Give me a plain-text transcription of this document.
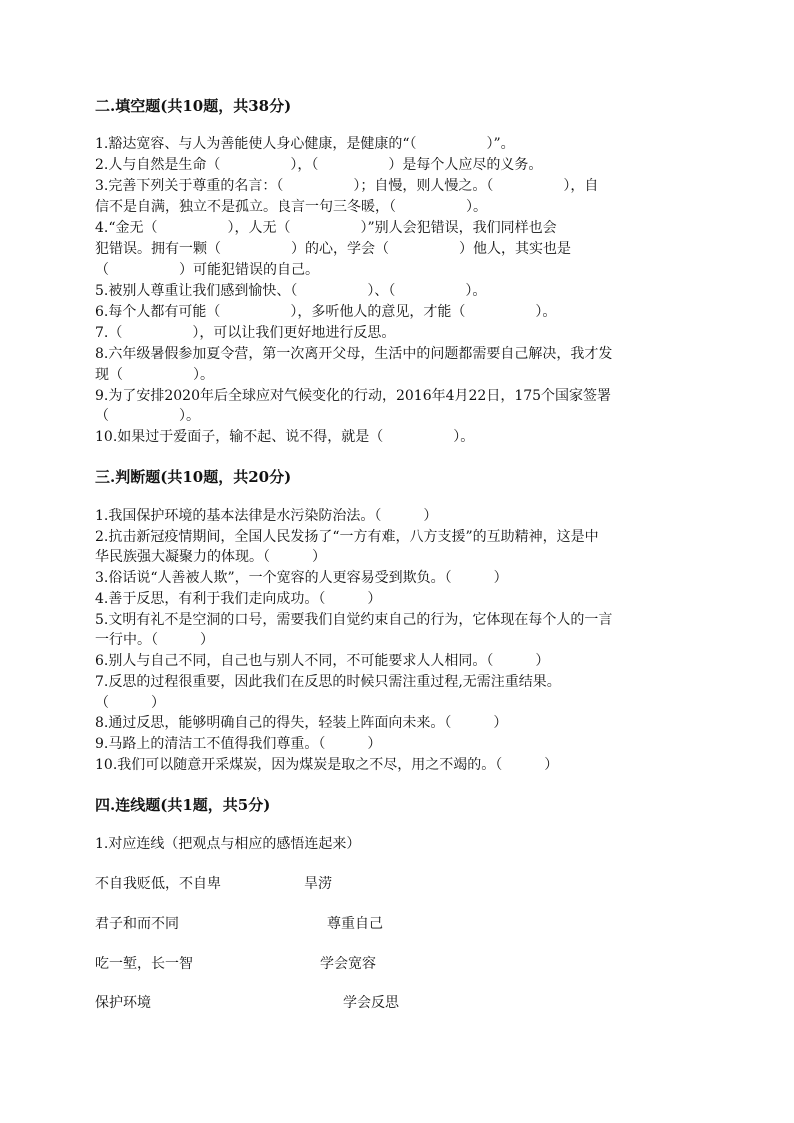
二.填空题(共10题，共38分)
1.豁达宽容、与人为善能使人身心健康，是健康的“（　　　　　）”。
2.人与自然是生命（　　　　　），（　　　　　）是每个人应尽的义务。
3.完善下列关于尊重的名言：（　　　　　）；自慢，则人慢之。（　　　　　），自
信不是自满，独立不是孤立。良言一句三冬暖，（　　　　　）。
4.“金无（　　　　　），人无（　　　　　）”别人会犯错误，我们同样也会
犯错误。拥有一颗（　　　　　）的心，学会（　　　　　）他人，其实也是
（　　　　　）可能犯错误的自己。
5.被别人尊重让我们感到愉快、（　　　　　）、（　　　　　）。
6.每个人都有可能（　　　　　），多听他人的意见，才能（　　　　　）。
7.（　　　　　），可以让我们更好地进行反思。
8.六年级暑假参加夏令营，第一次离开父母，生活中的问题都需要自己解决，我才发
现（　　　　　）。
9.为了安排2020年后全球应对气候变化的行动，2016年4月22日，175个国家签署
（　　　　　）。
10.如果过于爱面子，输不起、说不得，就是（　　　　　）。
三.判断题(共10题，共20分)
1.我国保护环境的基本法律是水污染防治法。（　　　）
2.抗击新冠疫情期间，全国人民发扬了“一方有难，八方支援”的互助精神，这是中
华民族强大凝聚力的体现。（　　　）
3.俗话说“人善被人欺”，一个宽容的人更容易受到欺负。（　　　）
4.善于反思，有利于我们走向成功。（　　　）
5.文明有礼不是空洞的口号，需要我们自觉约束自己的行为，它体现在每个人的一言
一行中。（　　　）
6.别人与自己不同，自己也与别人不同，不可能要求人人相同。（　　　）
7.反思的过程很重要，因此我们在反思的时候只需注重过程,无需注重结果。
（　　　）
8.通过反思，能够明确自己的得失，轻装上阵面向未来。（　　　）
9.马路上的清洁工不值得我们尊重。（　　　）
10.我们可以随意开采煤炭，因为煤炭是取之不尽，用之不竭的。（　　　）
四.连线题(共1题，共5分)
1.对应连线（把观点与相应的感悟连起来）
不自我贬低，不自卑	旱涝
君子和而不同	尊重自己
吃一堑，长一智	学会宽容
保护环境	学会反思
